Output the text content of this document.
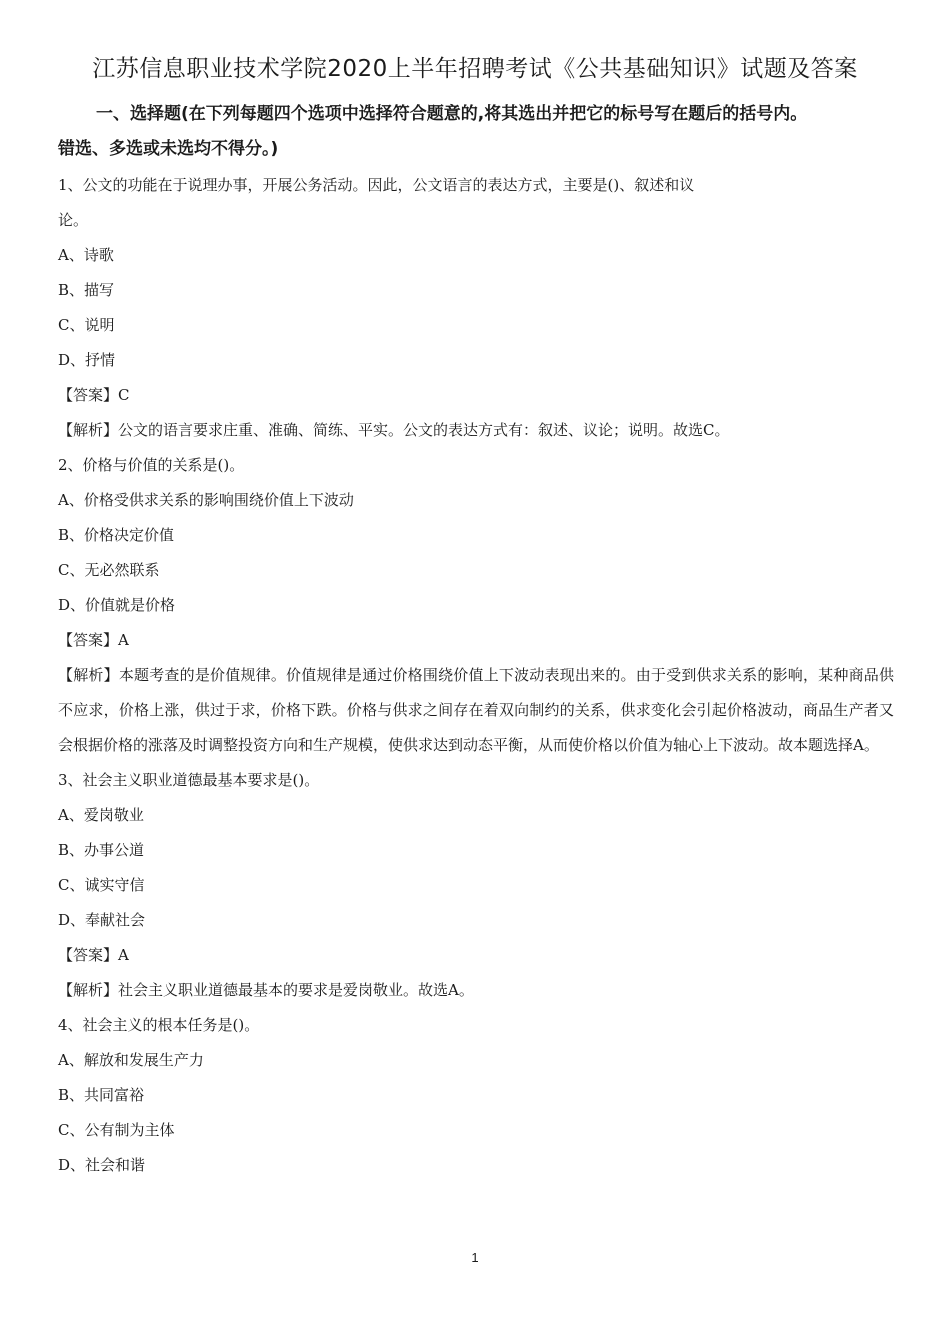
江苏信息职业技术学院2020上半年招聘考试《公共基础知识》试题及答案
一、选择题(在下列每题四个选项中选择符合题意的,将其选出并把它的标号写在题后的括号内。
错选、多选或未选均不得分。)
1、公文的功能在于说理办事，开展公务活动。因此，公文语言的表达方式，主要是()、叙述和议
论。
A、诗歌
B、描写
C、说明
D、抒情
【答案】C
【解析】公文的语言要求庄重、准确、简练、平实。公文的表达方式有：叙述、议论；说明。故选C。
2、价格与价值的关系是()。
A、价格受供求关系的影响围绕价值上下波动
B、价格决定价值
C、无必然联系
D、价值就是价格
【答案】A
【解析】本题考查的是价值规律。价值规律是通过价格围绕价值上下波动表现出来的。由于受到供求关系的影响，某种商品供不应求，价格上涨，供过于求，价格下跌。价格与供求之间存在着双向制约的关系，供求变化会引起价格波动，商品生产者又会根据价格的涨落及时调整投资方向和生产规模，使供求达到动态平衡，从而使价格以价值为轴心上下波动。故本题选择A。
3、社会主义职业道德最基本要求是()。
A、爱岗敬业
B、办事公道
C、诚实守信
D、奉献社会
【答案】A
【解析】社会主义职业道德最基本的要求是爱岗敬业。故选A。
4、社会主义的根本任务是()。
A、解放和发展生产力
B、共同富裕
C、公有制为主体
D、社会和谐
1
